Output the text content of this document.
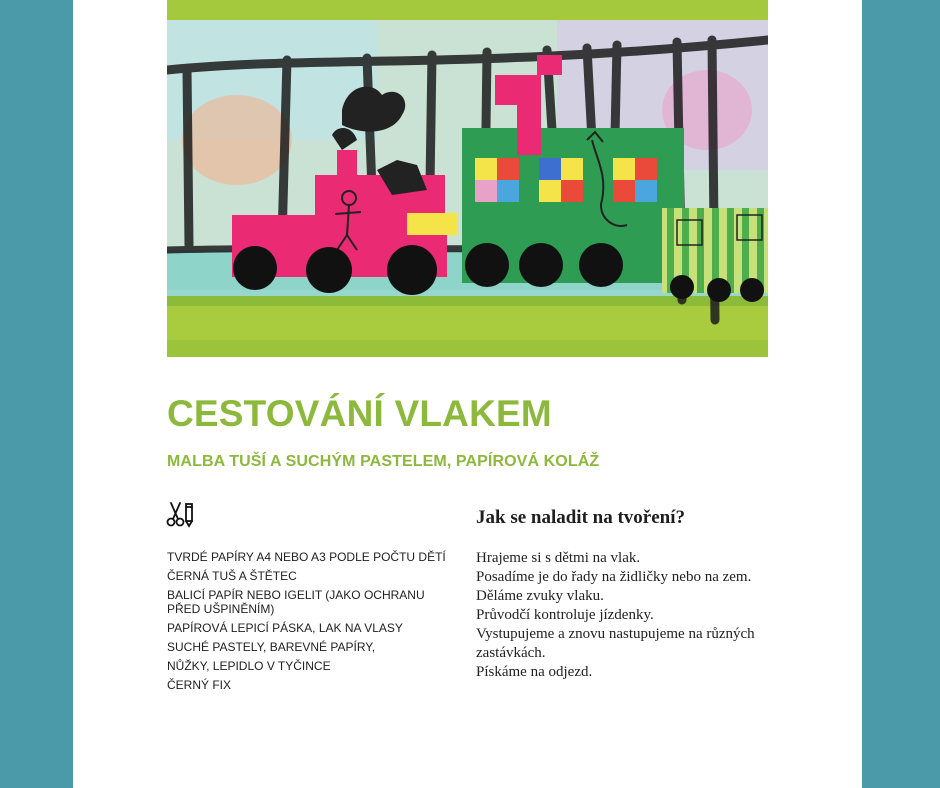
CESTOVÁNÍ VLAKEM

MALBA TUŠÍ A SUCHÝM PASTELEM, PAPÍROVÁ KOLÁŽ

TVRDÉ PAPÍRY A4 NEBO A3 PODLE POČTU DĚTÍ
ČERNÁ TUŠ A ŠTĚTEC
BALICÍ PAPÍR NEBO IGELIT (JAKO OCHRANU PŘED UŠPINĚNÍM)
PAPÍROVÁ LEPICÍ PÁSKA, LAK NA VLASY
SUCHÉ PASTELY, BAREVNÉ PAPÍRY,
NŮŽKY, LEPIDLO V TYČINCE
ČERNÝ FIX
Jak se naladit na tvoření?
Hrajeme si s dětmi na vlak.
Posadíme je do řady na židličky nebo na zem.
Děláme zvuky vlaku.
Průvodčí kontroluje jízdenky.
Vystupujeme a znovu nastupujeme na různých zastávkách.
Pískáme na odjezd.
